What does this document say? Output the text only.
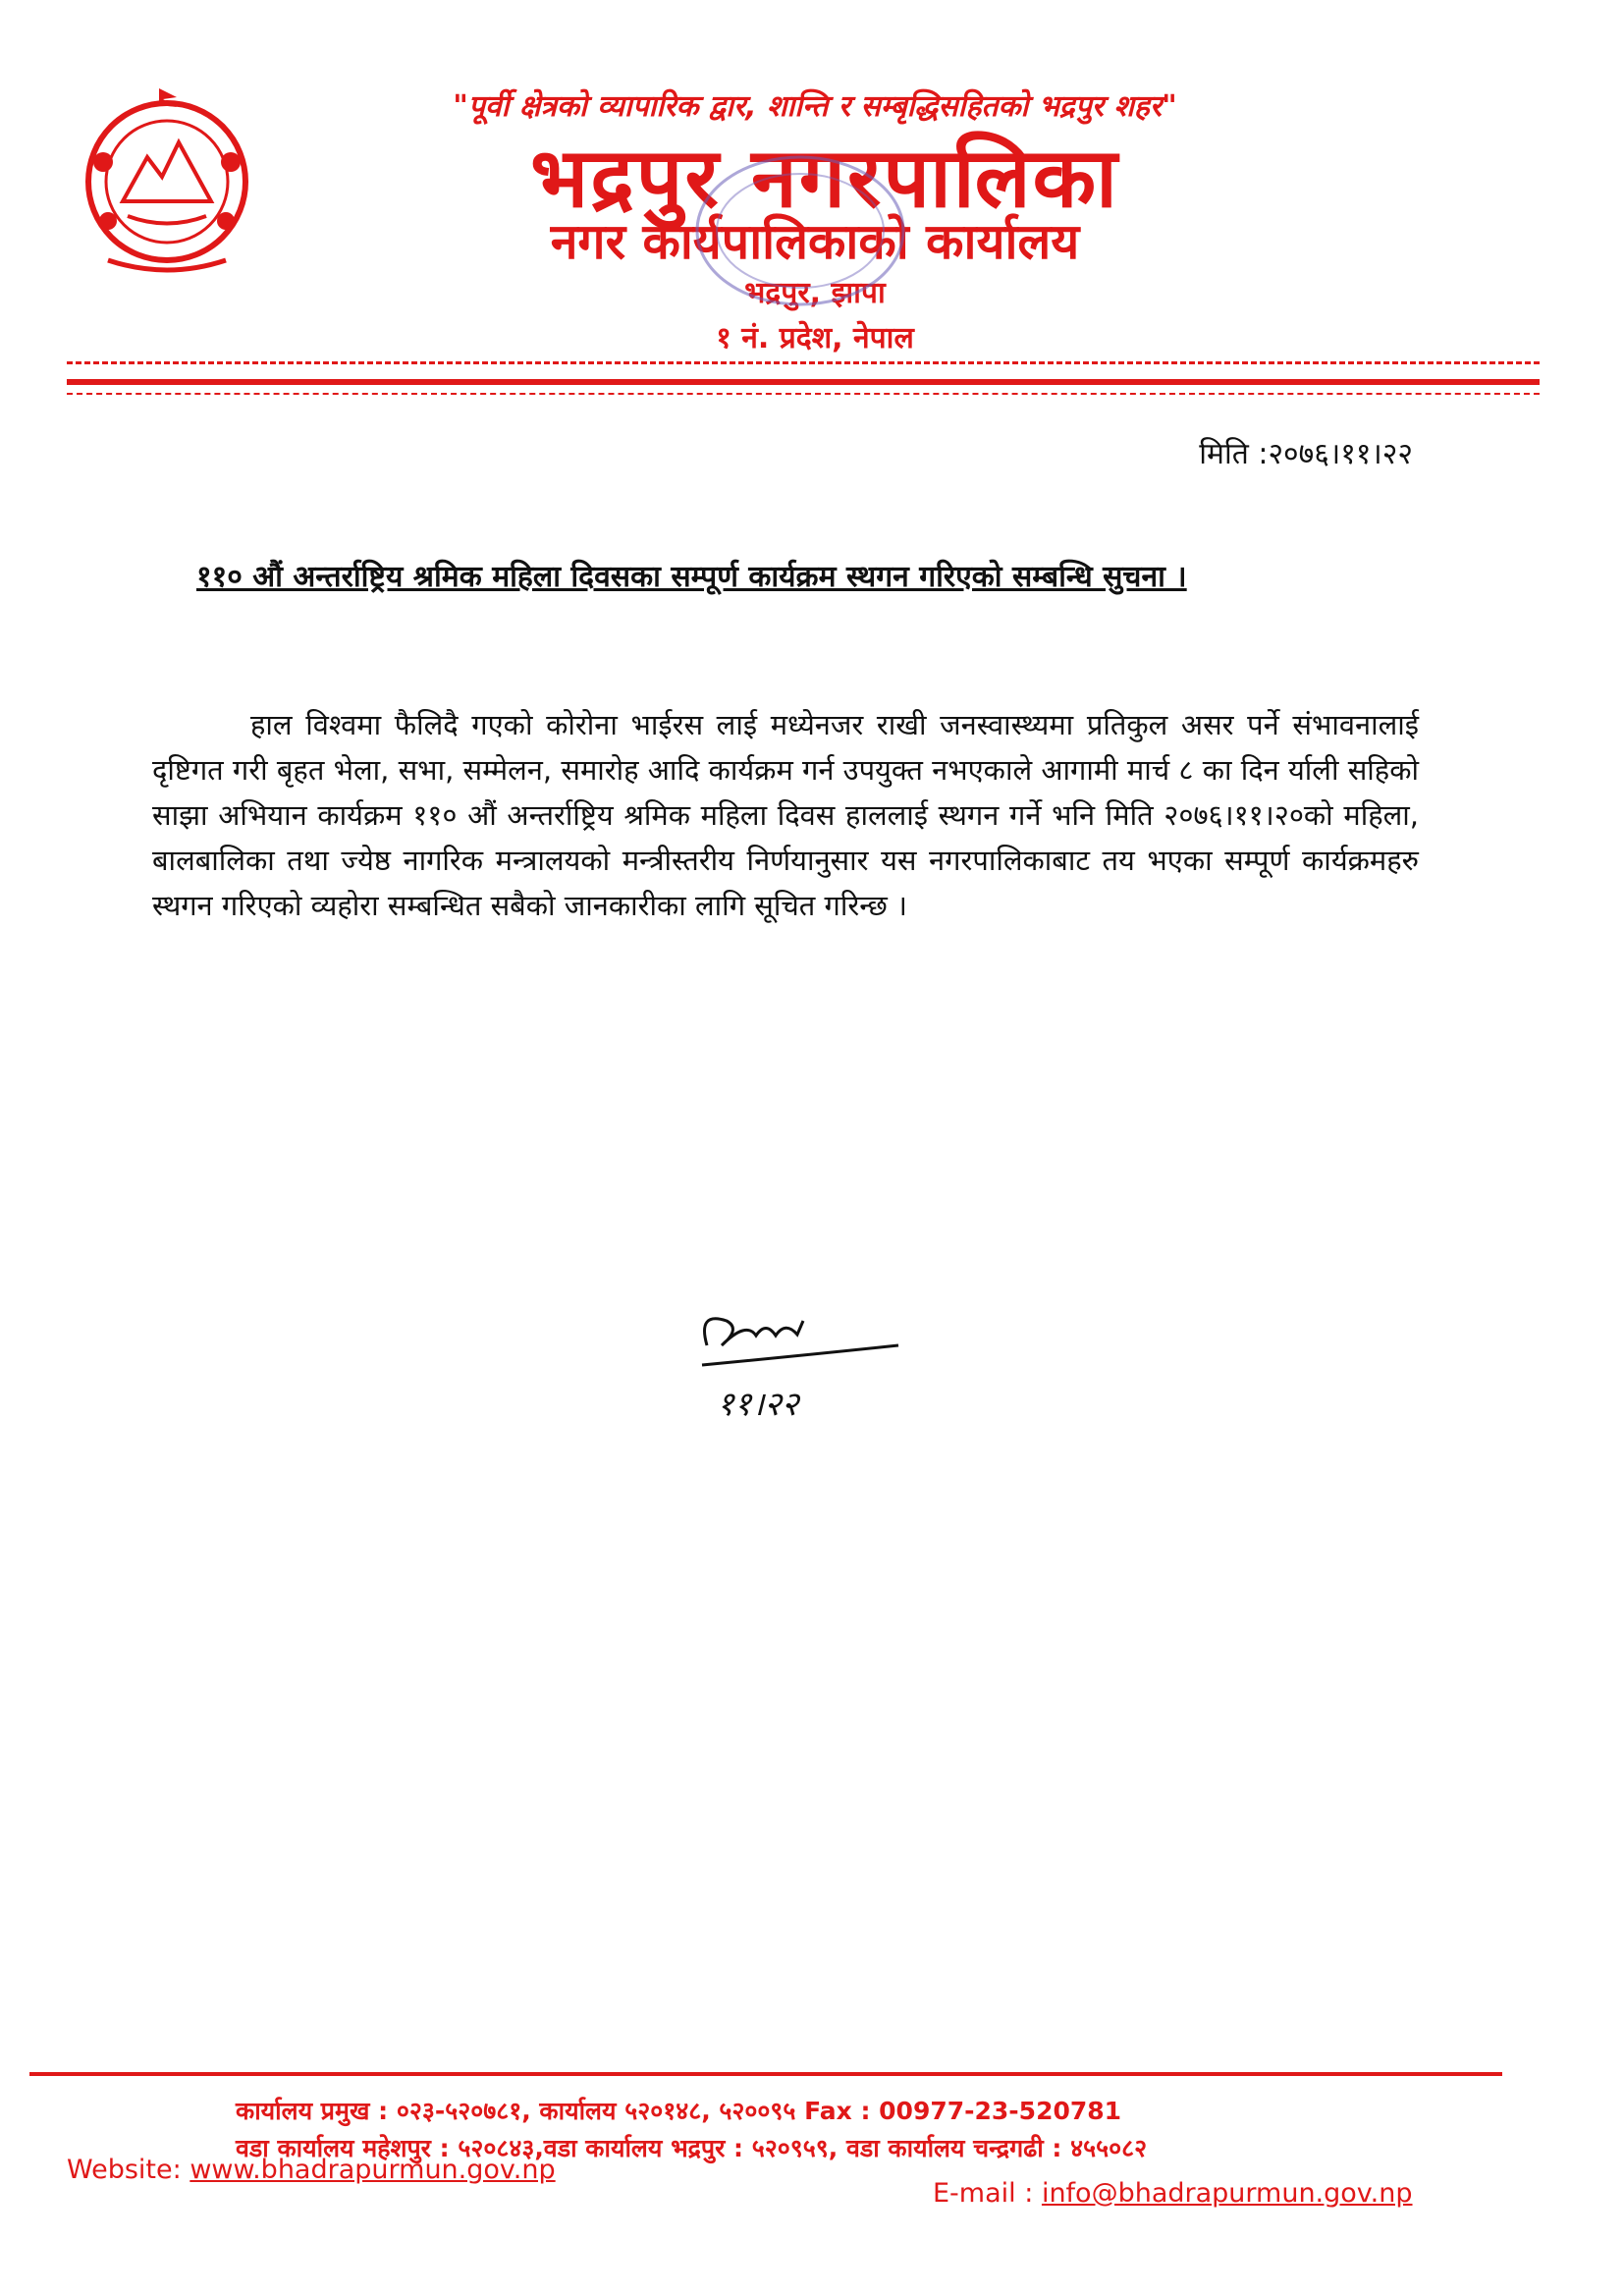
"पूर्वी क्षेत्रको व्यापारिक द्वार, शान्ति र सम्बृद्धिसहितको भद्रपुर शहर"
भद्रपुर नगरपालिका
नगर कार्यपालिकाको कार्यालय
भद्रपुर, झापा
१ नं. प्रदेश, नेपाल
मिति :२०७६।११।२२
११० औं अन्तर्राष्ट्रिय श्रमिक महिला दिवसका सम्पूर्ण कार्यक्रम स्थगन गरिएको सम्बन्धि सुचना ।
हाल विश्वमा फैलिदै गएको कोरोना भाईरस लाई मध्येनजर राखी जनस्वास्थ्यमा प्रतिकुल असर पर्ने संभावनालाई दृष्टिगत गरी बृहत भेला, सभा, सम्मेलन, समारोह आदि कार्यक्रम गर्न उपयुक्त नभएकाले आगामी मार्च ८ का दिन र्याली सहिको साझा अभियान कार्यक्रम ११० औं अन्तर्राष्ट्रिय श्रमिक महिला दिवस हाललाई स्थगन गर्ने भनि मिति २०७६।११।२०को महिला, बालबालिका तथा ज्येष्ठ नागरिक मन्त्रालयको मन्त्रीस्तरीय निर्णयानुसार यस नगरपालिकाबाट तय भएका सम्पूर्ण कार्यक्रमहरु स्थगन गरिएको व्यहोरा सम्बन्धित सबैको जानकारीका लागि सूचित गरिन्छ ।
११।२२
कार्यालय प्रमुख : ०२३-५२०७८१, कार्यालय ५२०१४८, ५२००९५ Fax : 00977-23-520781
वडा कार्यालय महेशपुर : ५२०८४३,वडा कार्यालय भद्रपुर : ५२०९५९, वडा कार्यालय चन्द्रगढी : ४५५०८२
Website: www.bhadrapurmun.gov.np
E-mail : info@bhadrapurmun.gov.np
